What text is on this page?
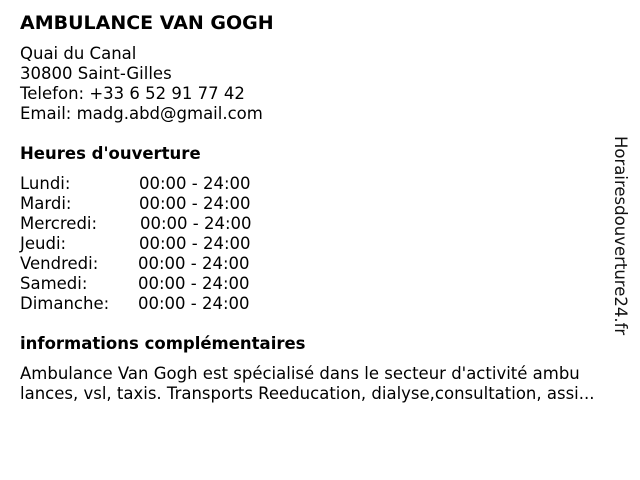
AMBULANCE VAN GOGH
Quai du Canal
30800 Saint-Gilles
Telefon: +33 6 52 91 77 42
Email: madg.abd@gmail.com
Heures d'ouverture
Lundi:	00:00 - 24:00
Mardi:	00:00 - 24:00
Mercredi:	00:00 - 24:00
Jeudi:	00:00 - 24:00
Vendredi: 00:00 - 24:00
Samedi:	00:00 - 24:00
Dimanche: 00:00 - 24:00
informations complémentaires
Ambulance Van Gogh est spécialisé dans le secteur d'activité ambu
lances, vsl, taxis. Transports Reeducation, dialyse,consultation, assi...
Horairesdouverture24.fr
